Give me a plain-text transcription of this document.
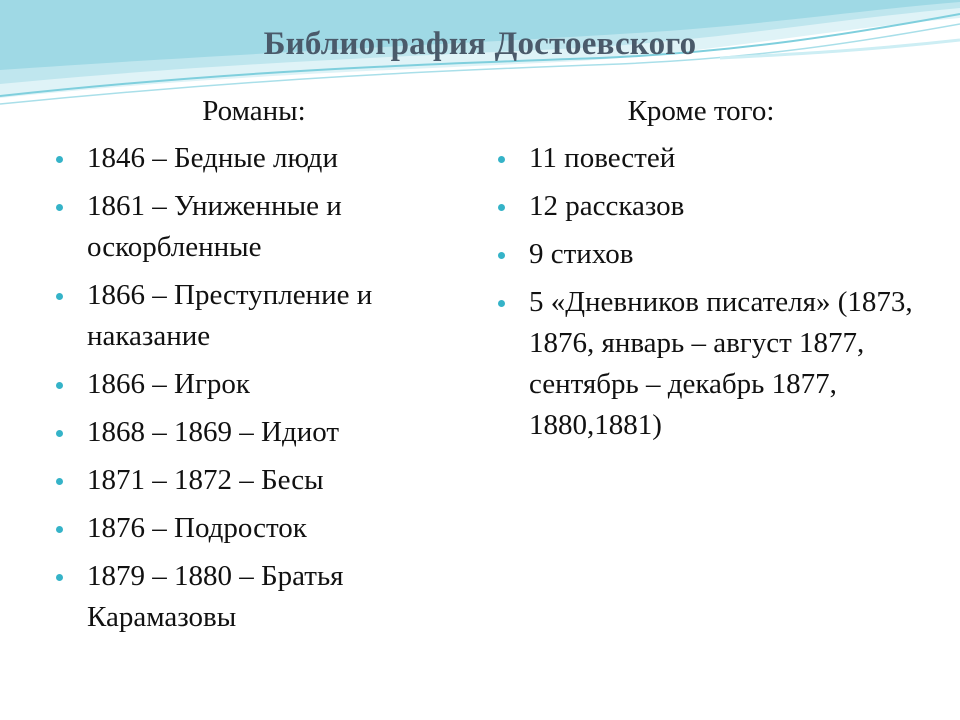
Библиография Достоевского
Романы:
1846 – Бедные люди
1861 – Униженные и оскорбленные
1866 – Преступление и наказание
1866 – Игрок
1868 – 1869 – Идиот
1871 – 1872 – Бесы
1876 – Подросток
1879 – 1880 – Братья Карамазовы
Кроме того:
11 повестей
12 рассказов
9 стихов
5 «Дневников писателя» (1873, 1876, январь – август 1877, сентябрь – декабрь 1877, 1880,1881)
